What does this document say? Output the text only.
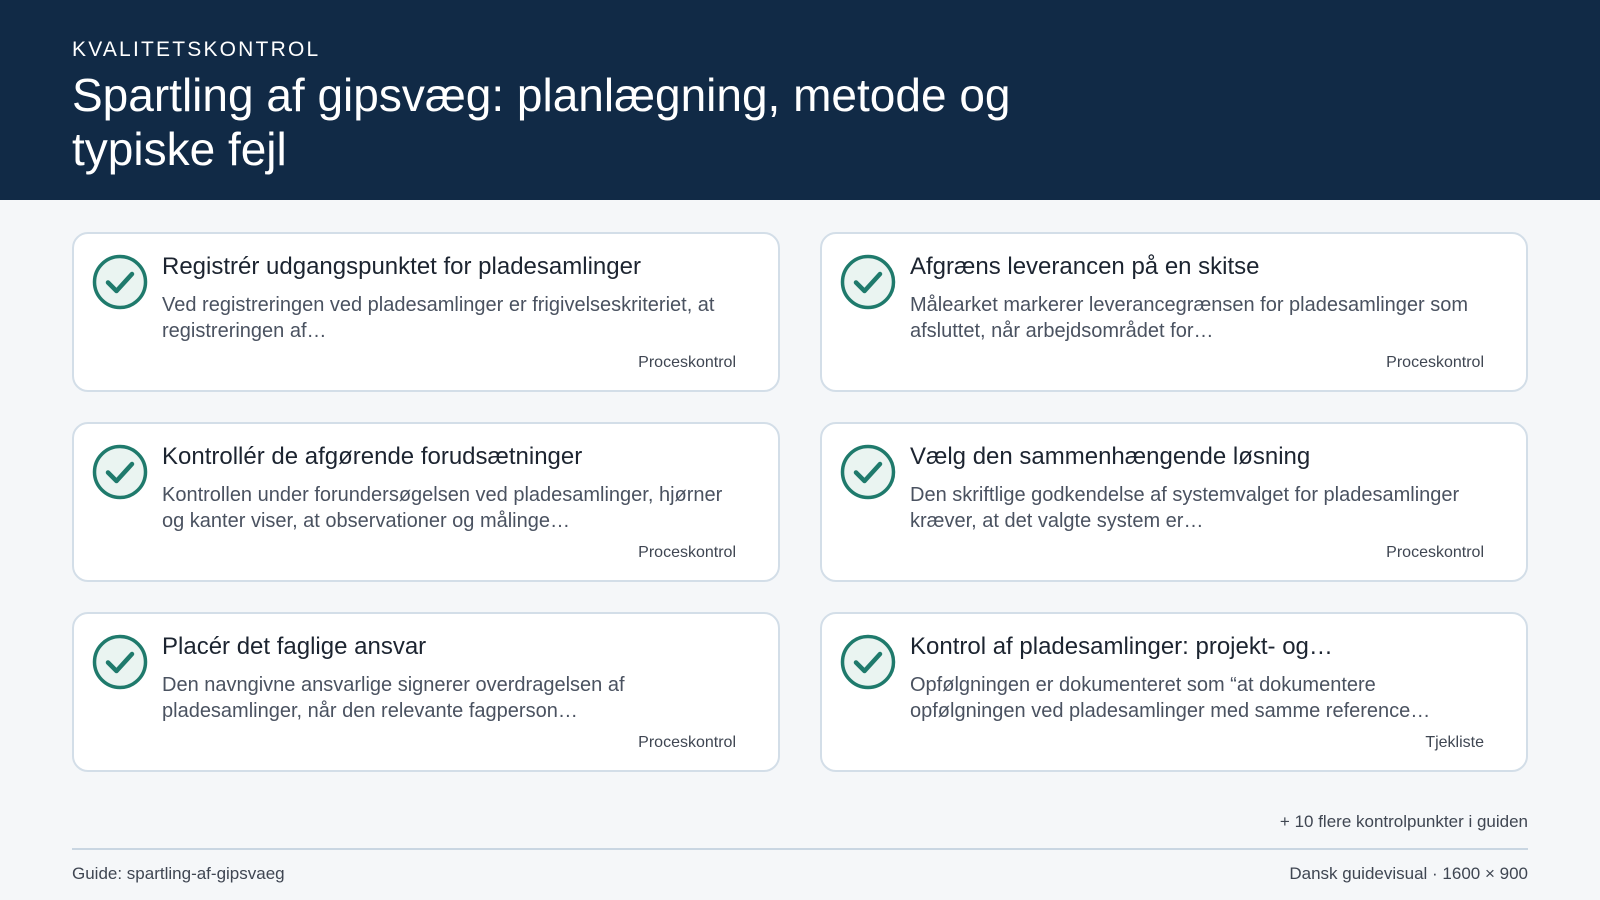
KVALITETSKONTROL
Spartling af gipsvæg: planlægning, metode og typiske fejl
Registrér udgangspunktet for pladesamlinger
Ved registreringen ved pladesamlinger er frigivelseskriteriet, at registreringen af…
Proceskontrol
Afgræns leverancen på en skitse
Målearket markerer leverancegrænsen for pladesamlinger som afsluttet, når arbejdsområdet for…
Proceskontrol
Kontrollér de afgørende forudsætninger
Kontrollen under forundersøgelsen ved pladesamlinger, hjørner og kanter viser, at observationer og målinge…
Proceskontrol
Vælg den sammenhængende løsning
Den skriftlige godkendelse af systemvalget for pladesamlinger kræver, at det valgte system er…
Proceskontrol
Placér det faglige ansvar
Den navngivne ansvarlige signerer overdragelsen af pladesamlinger, når den relevante fagperson…
Proceskontrol
Kontrol af pladesamlinger: projekt- og…
Opfølgningen er dokumenteret som “at dokumentere opfølgningen ved pladesamlinger med samme reference…
Tjekliste
+ 10 flere kontrolpunkter i guiden
Guide: spartling-af-gipsvaeg	Dansk guidevisual · 1600 × 900
